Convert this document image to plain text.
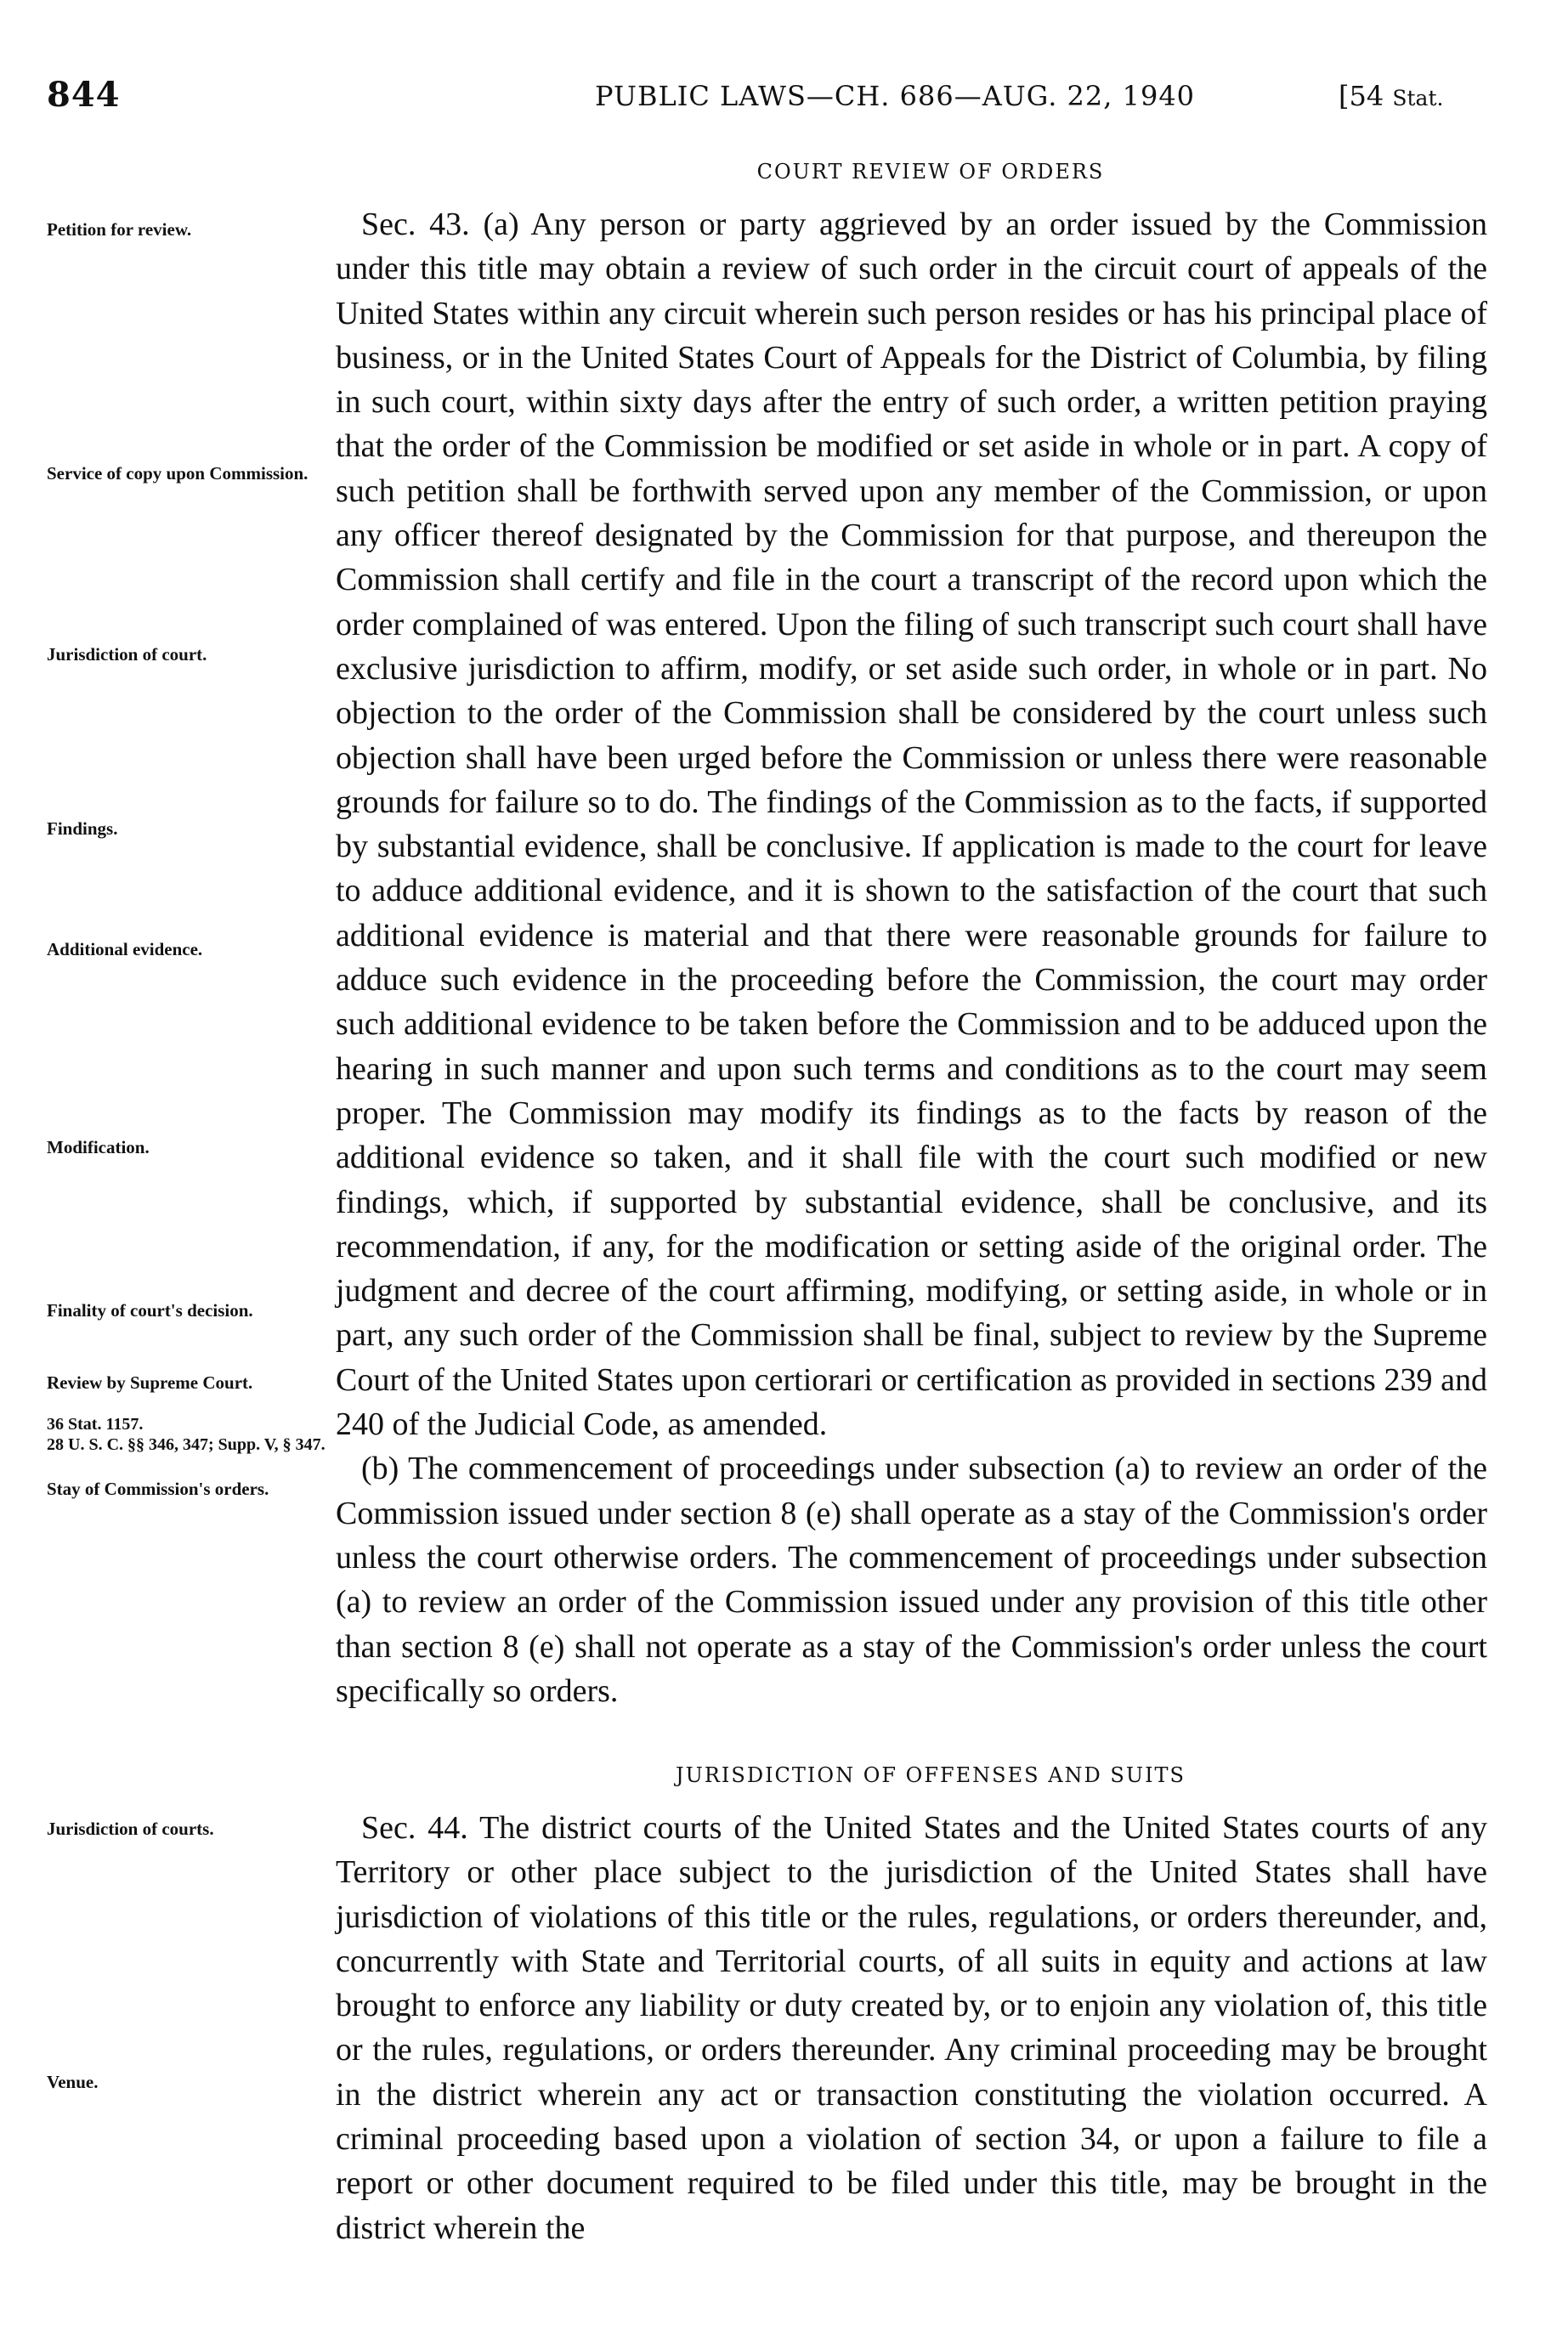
844	PUBLIC LAWS—CH. 686—AUG. 22, 1940	[54 Stat.
COURT REVIEW OF ORDERS

Sec. 43. (a) Any person or party aggrieved by an order issued by the Commission under this title may obtain a review of such order in the circuit court of appeals of the United States within any circuit wherein such person resides or has his principal place of business, or in the United States Court of Appeals for the District of Columbia, by filing in such court, within sixty days after the entry of such order, a written petition praying that the order of the Commission be modified or set aside in whole or in part. A copy of such petition shall be forthwith served upon any member of the Commission, or upon any officer thereof designated by the Commission for that purpose, and thereupon the Commission shall certify and file in the court a transcript of the record upon which the order complained of was entered. Upon the filing of such transcript such court shall have exclusive jurisdiction to affirm, modify, or set aside such order, in whole or in part. No objection to the order of the Commission shall be considered by the court unless such objection shall have been urged before the Commission or unless there were reasonable grounds for failure so to do. The findings of the Commission as to the facts, if supported by substantial evidence, shall be conclusive. If application is made to the court for leave to adduce additional evidence, and it is shown to the satisfaction of the court that such additional evidence is material and that there were reasonable grounds for failure to adduce such evidence in the proceeding before the Commission, the court may order such additional evidence to be taken before the Commission and to be adduced upon the hearing in such manner and upon such terms and conditions as to the court may seem proper. The Commission may modify its findings as to the facts by reason of the additional evidence so taken, and it shall file with the court such modified or new findings, which, if supported by substantial evidence, shall be conclusive, and its recommendation, if any, for the modification or setting aside of the original order. The judgment and decree of the court affirming, modifying, or setting aside, in whole or in part, any such order of the Commission shall be final, subject to review by the Supreme Court of the United States upon certiorari or certification as provided in sections 239 and 240 of the Judicial Code, as amended.

(b) The commencement of proceedings under subsection (a) to review an order of the Commission issued under section 8 (e) shall operate as a stay of the Commission's order unless the court otherwise orders. The commencement of proceedings under subsection (a) to review an order of the Commission issued under any provision of this title other than section 8 (e) shall not operate as a stay of the Commission's order unless the court specifically so orders.

JURISDICTION OF OFFENSES AND SUITS

Sec. 44. The district courts of the United States and the United States courts of any Territory or other place subject to the jurisdiction of the United States shall have jurisdiction of violations of this title or the rules, regulations, or orders thereunder, and, concurrently with State and Territorial courts, of all suits in equity and actions at law brought to enforce any liability or duty created by, or to enjoin any violation of, this title or the rules, regulations, or orders thereunder. Any criminal proceeding may be brought in the district wherein any act or transaction constituting the violation occurred. A criminal proceeding based upon a violation of section 34, or upon a failure to file a report or other document required to be filed under this title, may be brought in the district wherein the

Petition for review.
Service of copy upon Commission.
Jurisdiction of court.
Findings.
Additional evidence.
Modification.
Finality of court's decision.
Review by Supreme Court.
36 Stat. 1157.
28 U. S. C. §§ 346, 347; Supp. V, § 347.
Stay of Commission's orders.
Jurisdiction of courts.
Venue.
